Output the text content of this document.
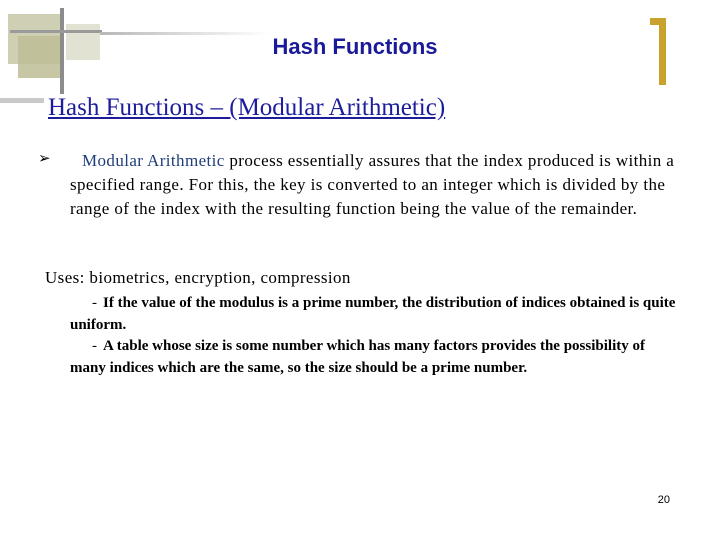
Hash Functions
Hash Functions – (Modular Arithmetic)
➢	Modular Arithmetic process essentially assures that the index produced is within a specified range. For this, the key is converted to an integer which is divided by the range of the index with the resulting function being the value of the remainder.

Uses: biometrics, encryption, compression

- If the value of the modulus is a prime number, the distribution of indices obtained is quite uniform.

- A table whose size is some number which has many factors provides the possibility of many indices which are the same, so the size should be a prime number.

20
